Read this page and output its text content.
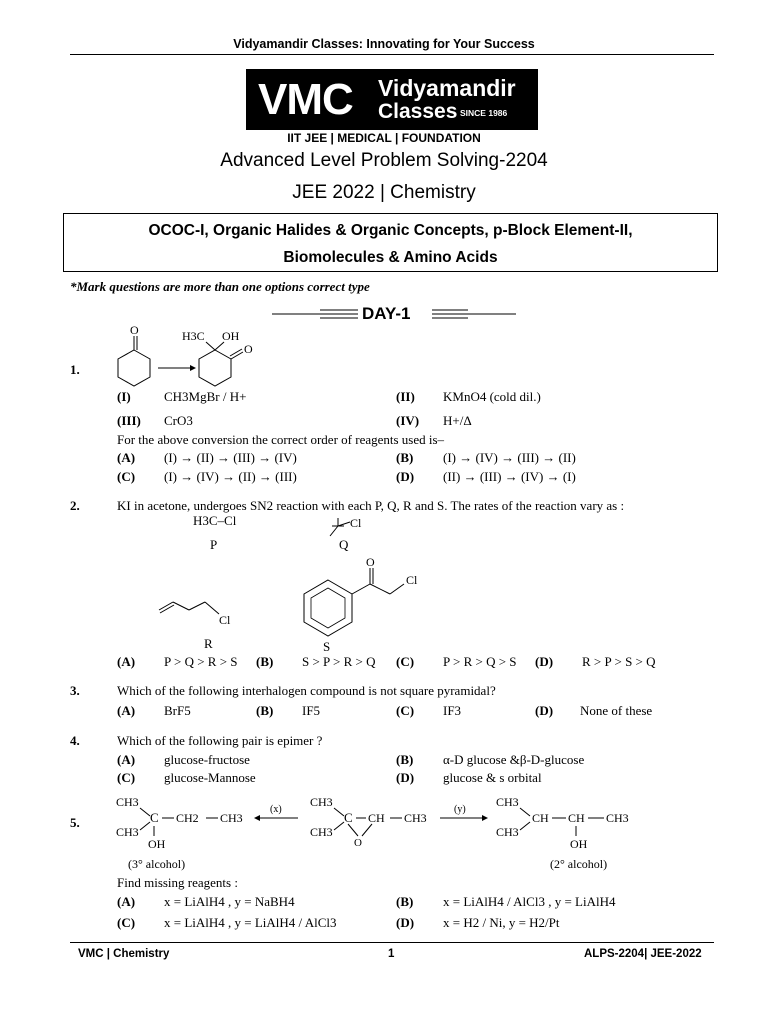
Vidyamandir Classes: Innovating for Your Success
VMC Vidyamandir
Classes SINCE 1986
IIT JEE | MEDICAL | FOUNDATION
Advanced Level Problem Solving-2204
JEE 2022 | Chemistry
OCOC-I, Organic Halides & Organic Concepts, p-Block Element-II,
Biomolecules & Amino Acids
*Mark questions are more than one options correct type
DAY-1
1.
O	H3C OH
O
(I)	CH3MgBr / H+	(II) KMnO4 (cold dil.)
(III) CrO3	(IV) H+/Δ
For the above conversion the correct order of reagents used is–
(A) (I) → (II) → (III) → (IV)	(B) (I) → (IV) → (III) → (II)
(C) (I) → (IV) → (II) → (III)	(D) (II) → (III) → (IV) → (I)
2.	KI in acetone, undergoes SN2 reaction with each P, Q, R and S. The rates of the reaction vary as :
H3C–Cl
P
Cl
Q
Cl
R
O
Cl
S
(A) P > Q > R > S (B) S > P > R > Q (C) P > R > Q > S (D) R > P > S > Q
3.	Which of the following interhalogen compound is not square pyramidal?
(A) BrF5	(B) IF5	(C) IF3	(D) None of these
4.	Which of the following pair is epimer ?
(A) glucose-fructose	(B) α-D glucose &β-D-glucose
(C) glucose-Mannose	(D) glucose & s orbital
5.
CH3
CH3
C CH2 CH3
OH
(3° alcohol)
(x)
CH3
CH3
C CH
O
CH3
(y)
CH3
CH3
CH CH CH3
OH
(2° alcohol)
Find missing reagents :
(A) x = LiAlH4 , y = NaBH4	(B) x = LiAlH4 / AlCl3 , y = LiAlH4
(C) x = LiAlH4 , y = LiAlH4 / AlCl3	(D) x = H2 / Ni, y = H2/Pt
VMC | Chemistry	1	ALPS-2204| JEE-2022
